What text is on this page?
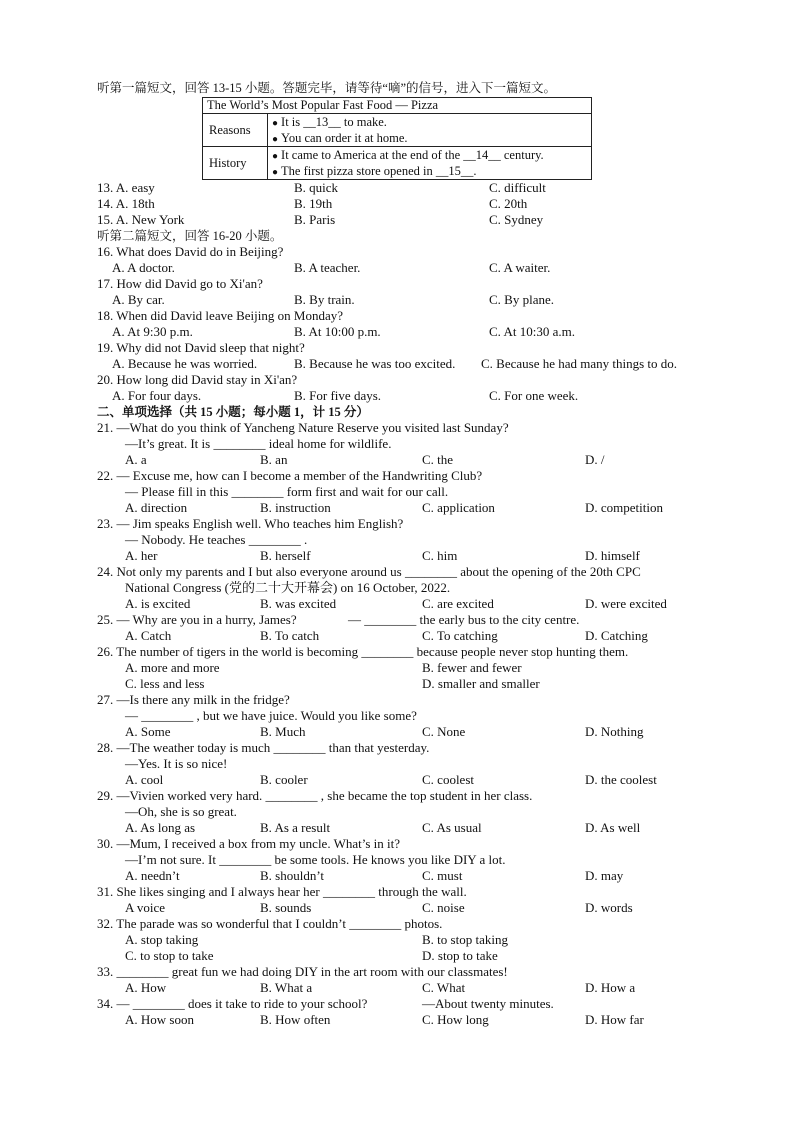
听第一篇短文，回答 13-15 小题。答题完毕，请等待“嘀”的信号，进入下一篇短文。
The World’s Most Popular Fast Food — Pizza	
Reasons	● It is __13__ to make.
● You can order it at home.

History	● It came to America at the end of the __14__ century.
● The first pizza store opened in __15__.
13. A. easy	B. quick	C. difficult
14. A. 18th	B. 19th	C. 20th
15. A. New York	B. Paris	C. Sydney
听第二篇短文，回答 16-20 小题。
16. What does David do in Beijing?
A. A doctor.	B. A teacher.	C. A waiter.
17. How did David go to Xi'an?
A. By car.	B. By train.	C. By plane.
18. When did David leave Beijing on Monday?
A. At 9:30 p.m.	B. At 10:00 p.m.	C. At 10:30 a.m.
19. Why did not David sleep that night?
A. Because he was worried.	B. Because he was too excited. C. Because he had many things to do.
20. How long did David stay in Xi'an?
A. For four days.	B. For five days.	C. For one week.
二、单项选择（共 15 小题；每小题 1，计 15 分）
21. —What do you think of Yancheng Nature Reserve you visited last Sunday?
—It’s great. It is ________ ideal home for wildlife.
A. a	B. an	C. the	D. /
22. — Excuse me, how can I become a member of the Handwriting Club?
— Please fill in this ________ form first and wait for our call.
A. direction	B. instruction	C. application	D. competition
23. — Jim speaks English well. Who teaches him English?
— Nobody. He teaches ________ .
A. her	B. herself	C. him	D. himself
24. Not only my parents and I but also everyone around us ________ about the opening of the 20th CPC
National Congress (党的二十大开幕会) on 16 October, 2022.
A. is excited	B. was excited	C. are excited	D. were excited
25. — Why are you in a hurry, James?	— ________ the early bus to the city centre.
A. Catch	B. To catch	C. To catching	D. Catching
26. The number of tigers in the world is becoming ________ because people never stop hunting them.
A. more and more	B. fewer and fewer
C. less and less	D. smaller and smaller
27. —Is there any milk in the fridge?
— ________ , but we have juice. Would you like some?
A. Some	B. Much	C. None	D. Nothing
28. —The weather today is much ________ than that yesterday.
—Yes. It is so nice!
A. cool	B. cooler	C. coolest	D. the coolest
29. —Vivien worked very hard. ________ , she became the top student in her class.
—Oh, she is so great.
A. As long as	B. As a result	C. As usual	D. As well
30. —Mum, I received a box from my uncle. What’s in it?
—I’m not sure. It ________ be some tools. He knows you like DIY a lot.
A. needn’t	B. shouldn’t	C. must	D. may
31. She likes singing and I always hear her ________ through the wall.
A voice	B. sounds	C. noise	D. words
32. The parade was so wonderful that I couldn’t ________ photos.
A. stop taking	B. to stop taking
C. to stop to take	D. stop to take
33. ________ great fun we had doing DIY in the art room with our classmates!
A. How	B. What a	C. What	D. How a
34. — ________ does it take to ride to your school?	—About twenty minutes.
A. How soon	B. How often	C. How long	D. How far
